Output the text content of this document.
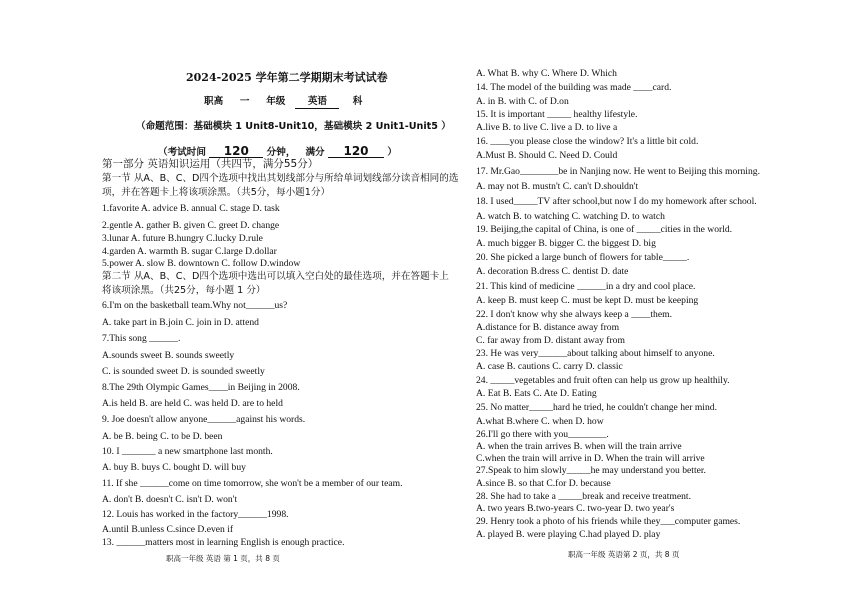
2024-2025 学年第二学期期末考试试卷
职高 一 年级 英语	科
（命题范围：基础模块 1 Unit8-Unit10，基础模块 2 Unit1-Unit5 ）
（考试时间 120 分钟， 满分 120 ）
第一部分 英语知识运用（共四节，满分55分）
第一节 从A、B、C、D四个选项中找出其划线部分与所给单词划线部分读音相同的选
项，并在答题卡上将该项涂黑。（共5分，每小题1分）
1.favorite A. advice B. annual C. stage D. task
2.gentle A. gather B. given C. greet D. change
3.lunar A. future B.hungry C.lucky D.rule
4.garden A. warmth B. sugar C.large D.dollar
5.power A. slow B. downtown C. follow D.window
第二节 从A、B、C、D四个选项中选出可以填入空白处的最佳选项，并在答题卡上
将该项涂黑。（共25分，每小题 1 分）
6.I'm on the basketball team.Why not______us?
A. take part in B.join C. join in D. attend
7.This song ______.
A.sounds sweet B. sounds sweetly
C. is sounded sweet D. is sounded sweetly
8.The 29th Olympic Games____in Beijing in 2008.
A.is held B. are held C. was held D. are to held
9. Joe doesn't allow anyone______against his words.
A. be B. being C. to be D. been
10. I _______ a new smartphone last month.
A. buy B. buys C. bought D. will buy
11. If she ______come on time tomorrow, she won't be a member of our team.
A. don't B. doesn't C. isn't D. won't
12. Louis has worked in the factory______1998.
A.until B.unless C.since D.even if
13. ______matters most in learning English is enough practice.
职高一年级 英语 第 1 页，共 8 页
A. What B. why C. Where D. Which
14. The model of the building was made ____card.
A. in B. with C. of D.on
15. It is important _____ healthy lifestyle.
A.live B. to live C. live a D. to live a
16. ____you please close the window? It's a little bit cold.
A.Must B. Should C. Need D. Could
17. Mr.Gao________be in Nanjing now. He went to Beijing this morning.
A. may not B. mustn't C. can't D.shouldn't
18. I used_____TV after school,but now I do my homework after school.
A. watch B. to watching C. watching D. to watch
19. Beijing,the capital of China, is one of _____cities in the world.
A. much bigger B. bigger C. the biggest D. big
20. She picked a large bunch of flowers for table_____.
A. decoration B.dress C. dentist D. date
21. This kind of medicine ______in a dry and cool place.
A. keep B. must keep C. must be kept D. must be keeping
22. I don't know why she always keep a ____them.
A.distance for B. distance away from
C. far away from D. distant away from
23. He was very______about talking about himself to anyone.
A. case B. cautions C. carry D. classic
24. _____vegetables and fruit often can help us grow up healthily.
A. Eat B. Eats C. Ate D. Eating
25. No matter_____hard he tried, he couldn't change her mind.
A.what B.where C. when D. how
26.I'll go there with you________.
A. when the train arrives B. when will the train arrive
C.when the train will arrive in D. When the train will arrive
27.Speak to him slowly_____he may understand you better.
A.since B. so that C.for D. because
28. She had to take a _____break and receive treatment.
A. two years B.two-years C. two-year D. two year's
29. Henry took a photo of his friends while they___computer games.
A. played B. were playing C.had played D. play
职高一年级 英语第 2 页，共 8 页
